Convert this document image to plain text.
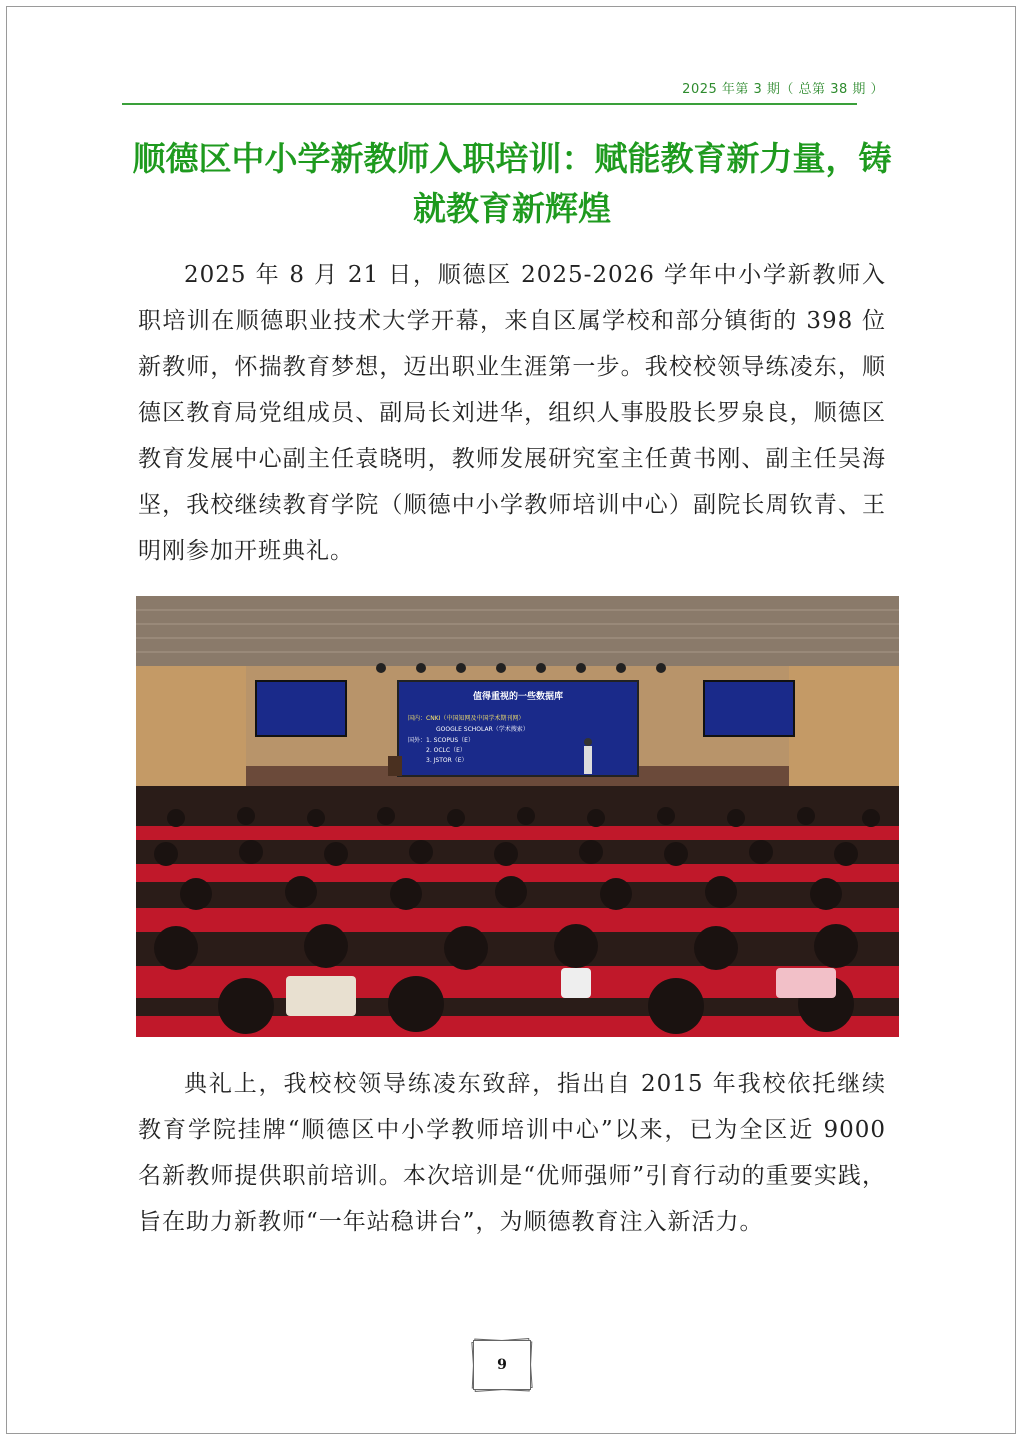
2025 年第 3 期（ 总第 38 期 ）
顺德区中小学新教师入职培训：赋能教育新力量，铸就教育新辉煌

2025 年 8 月 21 日，顺德区 2025-2026 学年中小学新教师入职培训在顺德职业技术大学开幕，来自区属学校和部分镇街的 398 位新教师，怀揣教育梦想，迈出职业生涯第一步。我校校领导练凌东，顺德区教育局党组成员、副局长刘进华，组织人事股股长罗泉良，顺德区教育发展中心副主任袁晓明，教师发展研究室主任黄书刚、副主任吴海坚，我校继续教育学院（顺德中小学教师培训中心）副院长周钦青、王明刚参加开班典礼。

值得重视的一些数据库
国内：CNKI（中国知网及中国学术期刊网）
GOOGLE SCHOLAR（学术搜索）
国外：1. SCOPUS（E）
2. OCLC（E）
3. JSTOR（E）

典礼上，我校校领导练凌东致辞，指出自 2015 年我校依托继续教育学院挂牌“顺德区中小学教师培训中心”以来，已为全区近 9000 名新教师提供职前培训。本次培训是“优师强师”引育行动的重要实践，旨在助力新教师“一年站稳讲台”，为顺德教育注入新活力。

9
